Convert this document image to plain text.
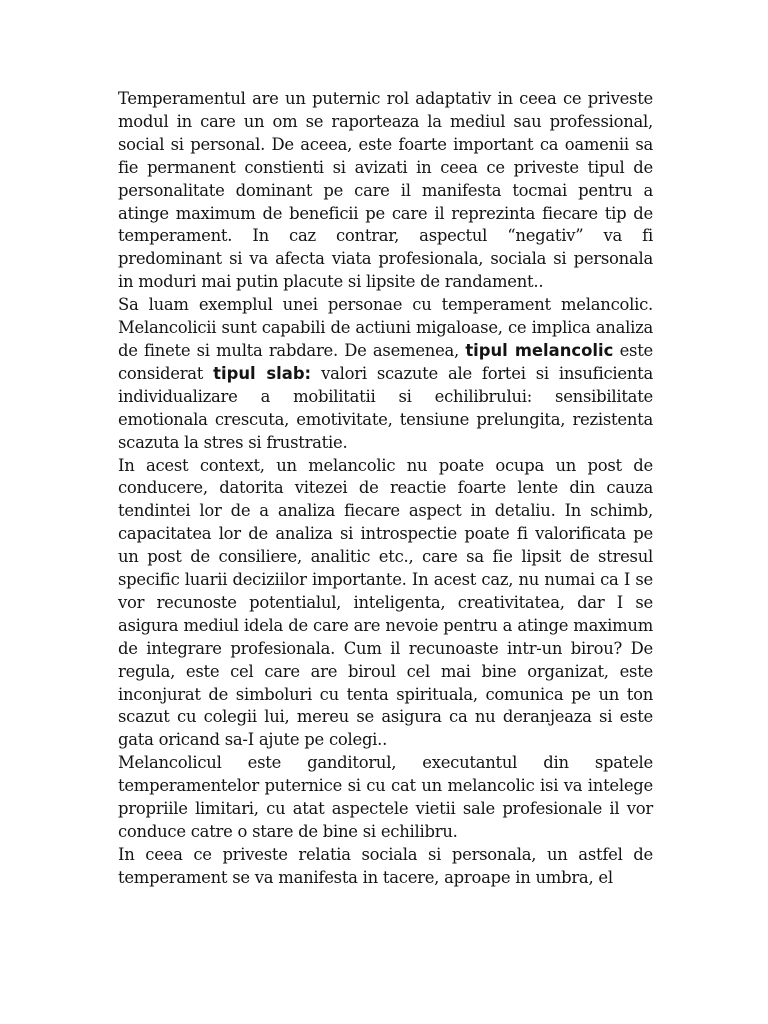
Temperamentul are un puternic rol adaptativ in ceea ce priveste modul in care un om se raporteaza la mediul sau professional, social si personal. De aceea, este foarte important ca oamenii sa fie permanent constienti si avizati in ceea ce priveste tipul de personalitate dominant pe care il manifesta tocmai pentru a atinge maximum de beneficii pe care il reprezinta fiecare tip de temperament. In caz contrar, aspectul “negativ” va fi predominant si va afecta viata profesionala, sociala si personala in moduri mai putin placute si lipsite de randament..

Sa luam exemplul unei personae cu temperament melancolic. Melancolicii sunt capabili de actiuni migaloase, ce implica analiza de finete si multa rabdare. De asemenea, tipul melancolic este considerat tipul slab: valori scazute ale fortei si insuficienta individualizare a mobilitatii si echilibrului: sensibilitate emotionala crescuta, emotivitate, tensiune prelungita, rezistenta scazuta la stres si frustratie.

In acest context, un melancolic nu poate ocupa un post de conducere, datorita vitezei de reactie foarte lente din cauza tendintei lor de a analiza fiecare aspect in detaliu. In schimb, capacitatea lor de analiza si introspectie poate fi valorificata pe un post de consiliere, analitic etc., care sa fie lipsit de stresul specific luarii deciziilor importante. In acest caz, nu numai ca I se vor recunoste potentialul, inteligenta, creativitatea, dar I se asigura mediul idela de care are nevoie pentru a atinge maximum de integrare profesionala. Cum il recunoaste intr-un birou? De regula, este cel care are biroul cel mai bine organizat, este inconjurat de simboluri cu tenta spirituala, comunica pe un ton scazut cu colegii lui, mereu se asigura ca nu deranjeaza si este gata oricand sa-I ajute pe colegi..

Melancolicul este ganditorul, executantul din spatele temperamentelor puternice si cu cat un melancolic isi va intelege propriile limitari, cu atat aspectele vietii sale profesionale il vor conduce catre o stare de bine si echilibru.

In ceea ce priveste relatia sociala si personala, un astfel de temperament se va manifesta in tacere, aproape in umbra, el
